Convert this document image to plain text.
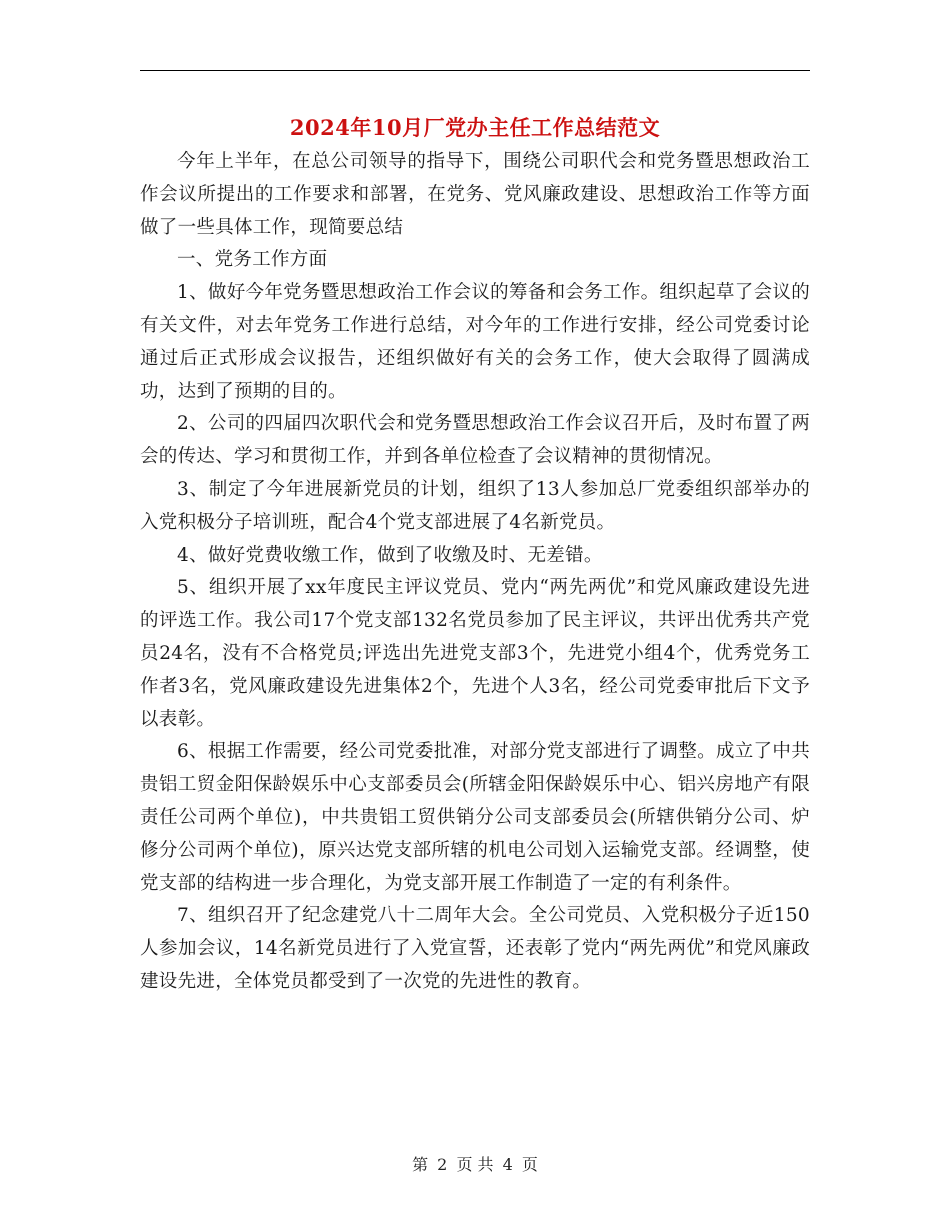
2024年10月厂党办主任工作总结范文

今年上半年，在总公司领导的指导下，围绕公司职代会和党务暨思想政治工作会议所提出的工作要求和部署，在党务、党风廉政建设、思想政治工作等方面做了一些具体工作，现简要总结

一、党务工作方面

1、做好今年党务暨思想政治工作会议的筹备和会务工作。组织起草了会议的有关文件，对去年党务工作进行总结，对今年的工作进行安排，经公司党委讨论通过后正式形成会议报告，还组织做好有关的会务工作，使大会取得了圆满成功，达到了预期的目的。

2、公司的四届四次职代会和党务暨思想政治工作会议召开后，及时布置了两会的传达、学习和贯彻工作，并到各单位检查了会议精神的贯彻情况。

3、制定了今年进展新党员的计划，组织了13人参加总厂党委组织部举办的入党积极分子培训班，配合4个党支部进展了4名新党员。

4、做好党费收缴工作，做到了收缴及时、无差错。

5、组织开展了xx年度民主评议党员、党内“两先两优”和党风廉政建设先进的评选工作。我公司17个党支部132名党员参加了民主评议，共评出优秀共产党员24名，没有不合格党员;评选出先进党支部3个，先进党小组4个，优秀党务工作者3名，党风廉政建设先进集体2个，先进个人3名，经公司党委审批后下文予以表彰。

6、根据工作需要，经公司党委批准，对部分党支部进行了调整。成立了中共贵铝工贸金阳保龄娱乐中心支部委员会(所辖金阳保龄娱乐中心、铝兴房地产有限责任公司两个单位)，中共贵铝工贸供销分公司支部委员会(所辖供销分公司、炉修分公司两个单位)，原兴达党支部所辖的机电公司划入运输党支部。经调整，使党支部的结构进一步合理化，为党支部开展工作制造了一定的有利条件。

7、组织召开了纪念建党八十二周年大会。全公司党员、入党积极分子近150人参加会议，14名新党员进行了入党宣誓，还表彰了党内“两先两优”和党风廉政建设先进，全体党员都受到了一次党的先进性的教育。

第 2 页 共 4 页
